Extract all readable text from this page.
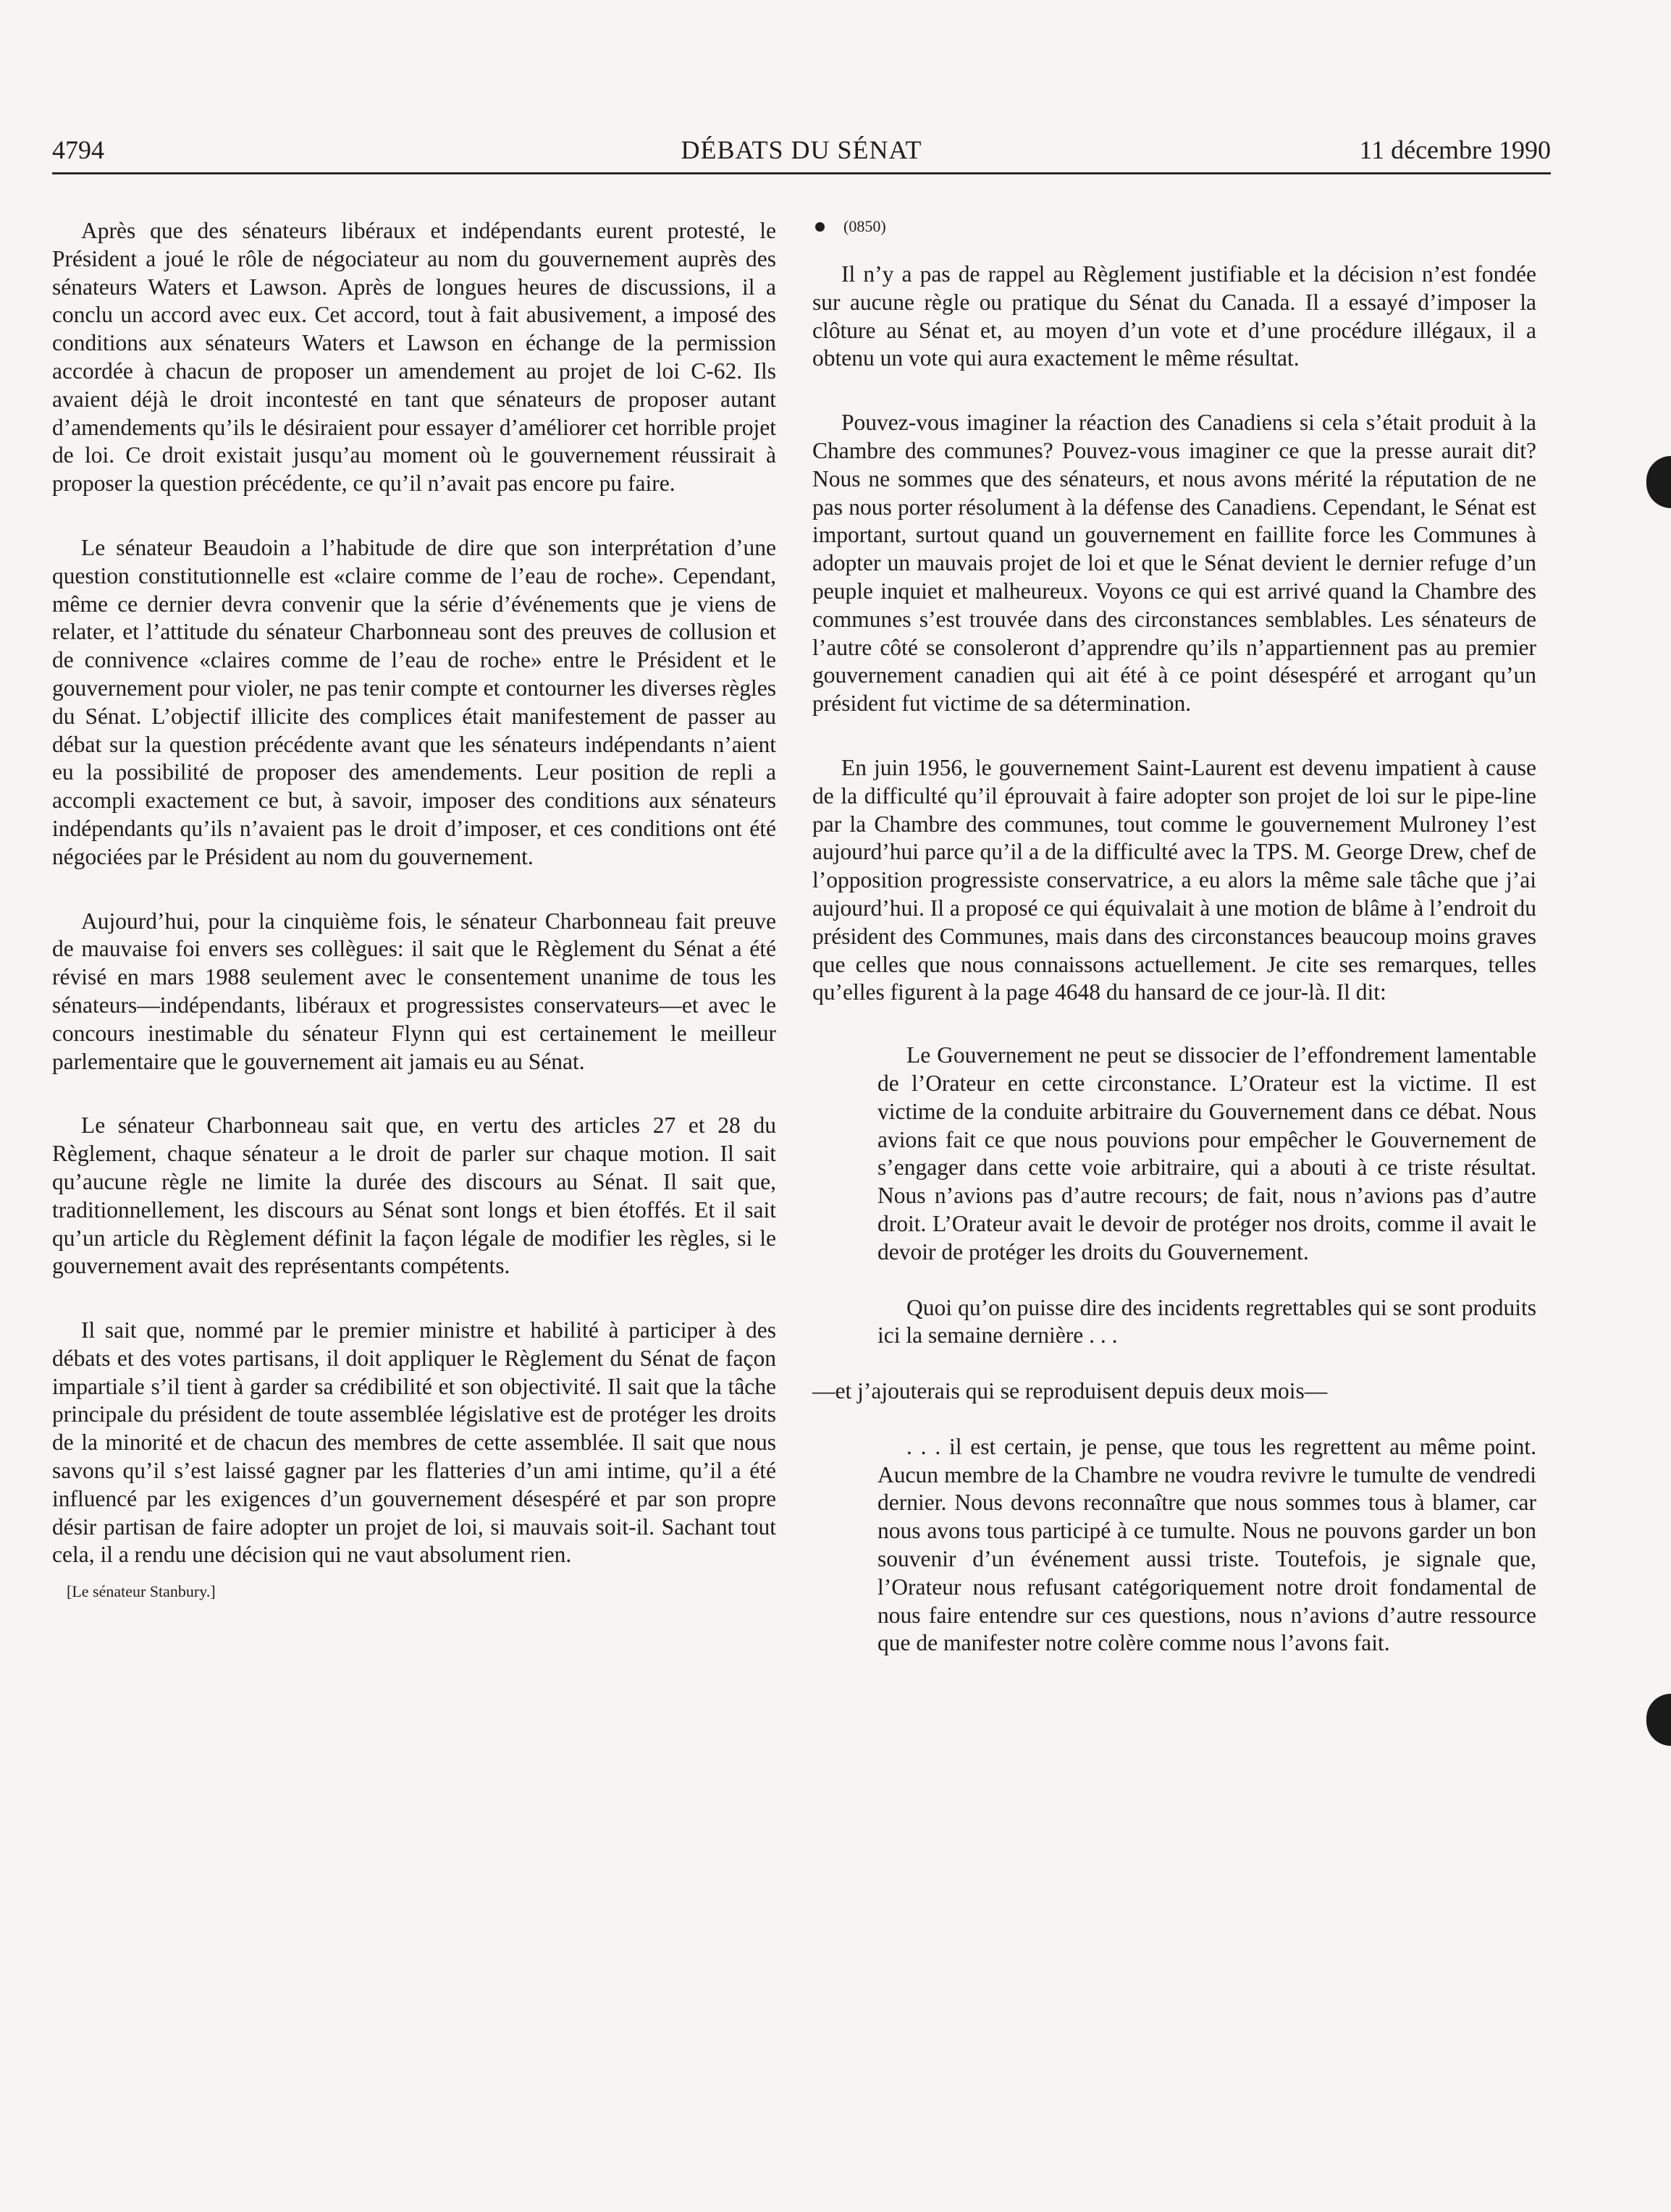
4794	DÉBATS DU SÉNAT	11 décembre 1990

Après que des sénateurs libéraux et indépendants eurent protesté, le Président a joué le rôle de négociateur au nom du gouvernement auprès des sénateurs Waters et Lawson. Après de longues heures de discussions, il a conclu un accord avec eux. Cet accord, tout à fait abusivement, a imposé des conditions aux sénateurs Waters et Lawson en échange de la permission accordée à chacun de proposer un amendement au projet de loi C-62. Ils avaient déjà le droit incontesté en tant que sénateurs de proposer autant d’amendements qu’ils le désiraient pour essayer d’améliorer cet horrible projet de loi. Ce droit existait jusqu’au moment où le gouvernement réussirait à proposer la question précédente, ce qu’il n’avait pas encore pu faire.

Le sénateur Beaudoin a l’habitude de dire que son interprétation d’une question constitutionnelle est «claire comme de l’eau de roche». Cependant, même ce dernier devra convenir que la série d’événements que je viens de relater, et l’attitude du sénateur Charbonneau sont des preuves de collusion et de connivence «claires comme de l’eau de roche» entre le Président et le gouvernement pour violer, ne pas tenir compte et contourner les diverses règles du Sénat. L’objectif illicite des complices était manifestement de passer au débat sur la question précédente avant que les sénateurs indépendants n’aient eu la possibilité de proposer des amendements. Leur position de repli a accompli exactement ce but, à savoir, imposer des conditions aux sénateurs indépendants qu’ils n’avaient pas le droit d’imposer, et ces conditions ont été négociées par le Président au nom du gouvernement.

Aujourd’hui, pour la cinquième fois, le sénateur Charbonneau fait preuve de mauvaise foi envers ses collègues: il sait que le Règlement du Sénat a été révisé en mars 1988 seulement avec le consentement unanime de tous les sénateurs—indépendants, libéraux et progressistes conservateurs—et avec le concours inestimable du sénateur Flynn qui est certainement le meilleur parlementaire que le gouvernement ait jamais eu au Sénat.

Le sénateur Charbonneau sait que, en vertu des articles 27 et 28 du Règlement, chaque sénateur a le droit de parler sur chaque motion. Il sait qu’aucune règle ne limite la durée des discours au Sénat. Il sait que, traditionnellement, les discours au Sénat sont longs et bien étoffés. Et il sait qu’un article du Règlement définit la façon légale de modifier les règles, si le gouvernement avait des représentants compétents.

Il sait que, nommé par le premier ministre et habilité à participer à des débats et des votes partisans, il doit appliquer le Règlement du Sénat de façon impartiale s’il tient à garder sa crédibilité et son objectivité. Il sait que la tâche principale du président de toute assemblée législative est de protéger les droits de la minorité et de chacun des membres de cette assemblée. Il sait que nous savons qu’il s’est laissé gagner par les flatteries d’un ami intime, qu’il a été influencé par les exigences d’un gouvernement désespéré et par son propre désir partisan de faire adopter un projet de loi, si mauvais soit-il. Sachant tout cela, il a rendu une décision qui ne vaut absolument rien.

[Le sénateur Stanbury.]
(0850)

Il n’y a pas de rappel au Règlement justifiable et la décision n’est fondée sur aucune règle ou pratique du Sénat du Canada. Il a essayé d’imposer la clôture au Sénat et, au moyen d’un vote et d’une procédure illégaux, il a obtenu un vote qui aura exactement le même résultat.

Pouvez-vous imaginer la réaction des Canadiens si cela s’était produit à la Chambre des communes? Pouvez-vous imaginer ce que la presse aurait dit? Nous ne sommes que des sénateurs, et nous avons mérité la réputation de ne pas nous porter résolument à la défense des Canadiens. Cependant, le Sénat est important, surtout quand un gouvernement en faillite force les Communes à adopter un mauvais projet de loi et que le Sénat devient le dernier refuge d’un peuple inquiet et malheureux. Voyons ce qui est arrivé quand la Chambre des communes s’est trouvée dans des circonstances semblables. Les sénateurs de l’autre côté se consoleront d’apprendre qu’ils n’appartiennent pas au premier gouvernement canadien qui ait été à ce point désespéré et arrogant qu’un président fut victime de sa détermination.

En juin 1956, le gouvernement Saint-Laurent est devenu impatient à cause de la difficulté qu’il éprouvait à faire adopter son projet de loi sur le pipe-line par la Chambre des communes, tout comme le gouvernement Mulroney l’est aujourd’hui parce qu’il a de la difficulté avec la TPS. M. George Drew, chef de l’opposition progressiste conservatrice, a eu alors la même sale tâche que j’ai aujourd’hui. Il a proposé ce qui équivalait à une motion de blâme à l’endroit du président des Communes, mais dans des circonstances beaucoup moins graves que celles que nous connaissons actuellement. Je cite ses remarques, telles qu’elles figurent à la page 4648 du hansard de ce jour-là. Il dit:

Le Gouvernement ne peut se dissocier de l’effondrement lamentable de l’Orateur en cette circonstance. L’Orateur est la victime. Il est victime de la conduite arbitraire du Gouvernement dans ce débat. Nous avions fait ce que nous pouvions pour empêcher le Gouvernement de s’engager dans cette voie arbitraire, qui a abouti à ce triste résultat. Nous n’avions pas d’autre recours; de fait, nous n’avions pas d’autre droit. L’Orateur avait le devoir de protéger nos droits, comme il avait le devoir de protéger les droits du Gouvernement.

Quoi qu’on puisse dire des incidents regrettables qui se sont produits ici la semaine dernière . . .

—et j’ajouterais qui se reproduisent depuis deux mois—

. . . il est certain, je pense, que tous les regrettent au même point. Aucun membre de la Chambre ne voudra revivre le tumulte de vendredi dernier. Nous devons reconnaître que nous sommes tous à blamer, car nous avons tous participé à ce tumulte. Nous ne pouvons garder un bon souvenir d’un événement aussi triste. Toutefois, je signale que, l’Orateur nous refusant catégoriquement notre droit fondamental de nous faire entendre sur ces questions, nous n’avions d’autre ressource que de manifester notre colère comme nous l’avons fait.
